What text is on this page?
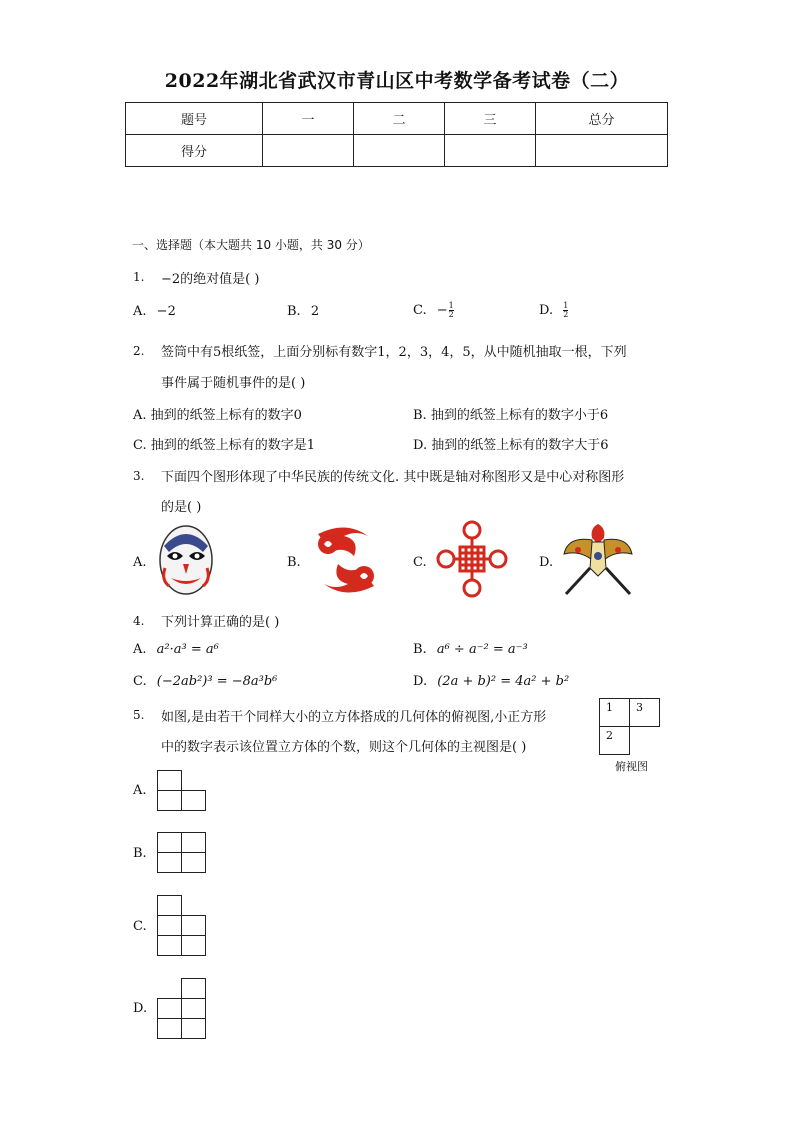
2022年湖北省武汉市青山区中考数学备考试卷（二）
题号	一	二	三	总分
得分				
一、选择题（本大题共 10 小题，共 30 分）
1. −2的绝对值是( )
A. −2	B. 2	C. − $\frac{1}{2}$	D. $\frac{1}{2}$
2. 签筒中有5根纸签，上面分别标有数字1，2，3，4，5，从中随机抽取一根，下列
事件属于随机事件的是( )
A. 抽到的纸签上标有的数字0	B. 抽到的纸签上标有的数字小于6
C. 抽到的纸签上标有的数字是1	D. 抽到的纸签上标有的数字大于6
3. 下面四个图形体现了中华民族的传统文化. 其中既是轴对称图形又是中心对称图形
的是( )
A.	B.	C.	D.
4. 下列计算正确的是( )
A. a²·a³ = a⁶	B. a⁶ ÷ a⁻² = a⁻³
C. (−2ab²)³ = −8a³b⁶	D. (2a + b)² = 4a² + b²
5. 如图,是由若干个同样大小的立方体搭成的几何体的俯视图,小正方形
中的数字表示该位置立方体的个数，则这个几何体的主视图是( )
1	3
2
俯视图
A.
B.
C.
D.
